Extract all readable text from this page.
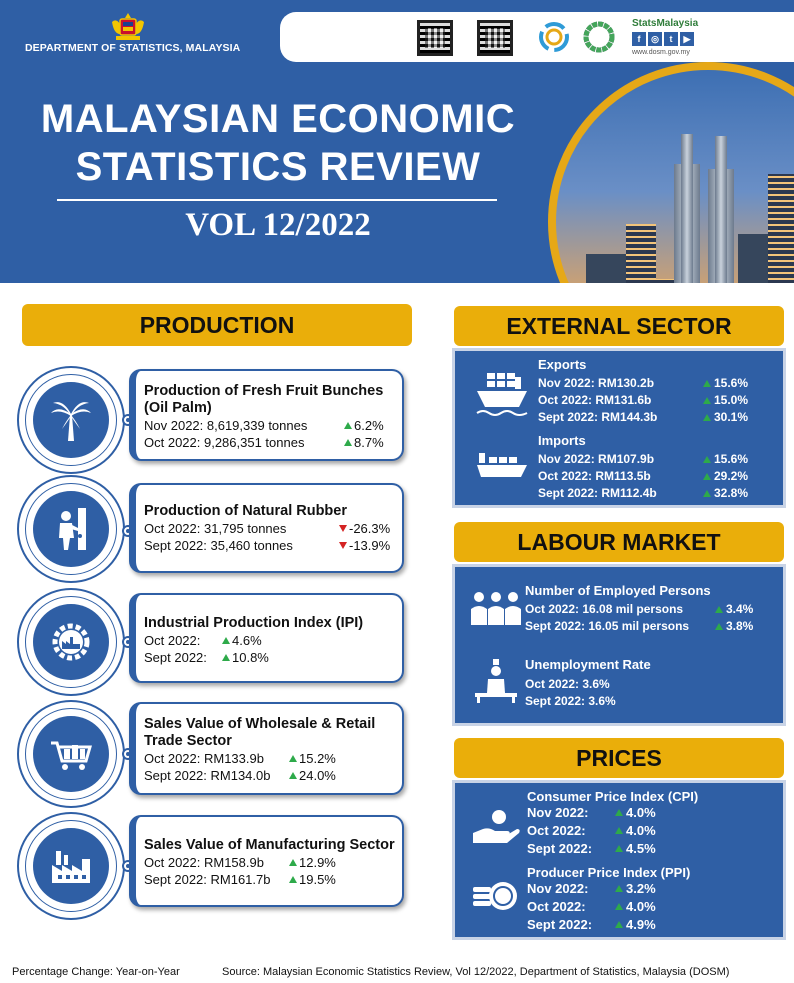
DEPARTMENT OF STATISTICS, MALAYSIA
StatsMalaysia
f	◎	t	▶
www.dosm.gov.my
MALAYSIAN ECONOMIC
STATISTICS REVIEW
VOL 12/2022
PRODUCTION
Production of Fresh Fruit Bunches (Oil Palm)
Nov 2022: 8,619,339 tonnes	6.2%
Oct 2022: 9,286,351 tonnes	8.7%
Production of Natural Rubber
Oct 2022: 31,795 tonnes	-26.3%
Sept 2022: 35,460 tonnes	-13.9%
Industrial Production Index (IPI)
Oct 2022:	4.6%
Sept 2022:	10.8%
Sales Value of Wholesale & Retail Trade Sector
Oct 2022: RM133.9b	15.2%
Sept 2022: RM134.0b	24.0%
Sales Value of Manufacturing Sector
Oct 2022: RM158.9b	12.9%
Sept 2022: RM161.7b	19.5%
EXTERNAL SECTOR
Exports
Nov 2022: RM130.2b	15.6%
Oct 2022: RM131.6b	15.0%
Sept 2022: RM144.3b	30.1%
Imports
Nov 2022: RM107.9b	15.6%
Oct 2022: RM113.5b	29.2%
Sept 2022: RM112.4b	32.8%
LABOUR MARKET
Number of Employed Persons
Oct 2022: 16.08 mil persons	3.4%
Sept 2022: 16.05 mil persons	3.8%
Unemployment Rate
Oct 2022: 3.6%
Sept 2022: 3.6%
PRICES
Consumer Price Index (CPI)
Nov 2022:	4.0%
Oct 2022:	4.0%
Sept 2022:	4.5%
Producer Price Index (PPI)
Nov 2022:	3.2%
Oct 2022:	4.0%
Sept 2022:	4.9%
Percentage Change: Year-on-Year	Source: Malaysian Economic Statistics Review, Vol 12/2022, Department of Statistics, Malaysia (DOSM)
